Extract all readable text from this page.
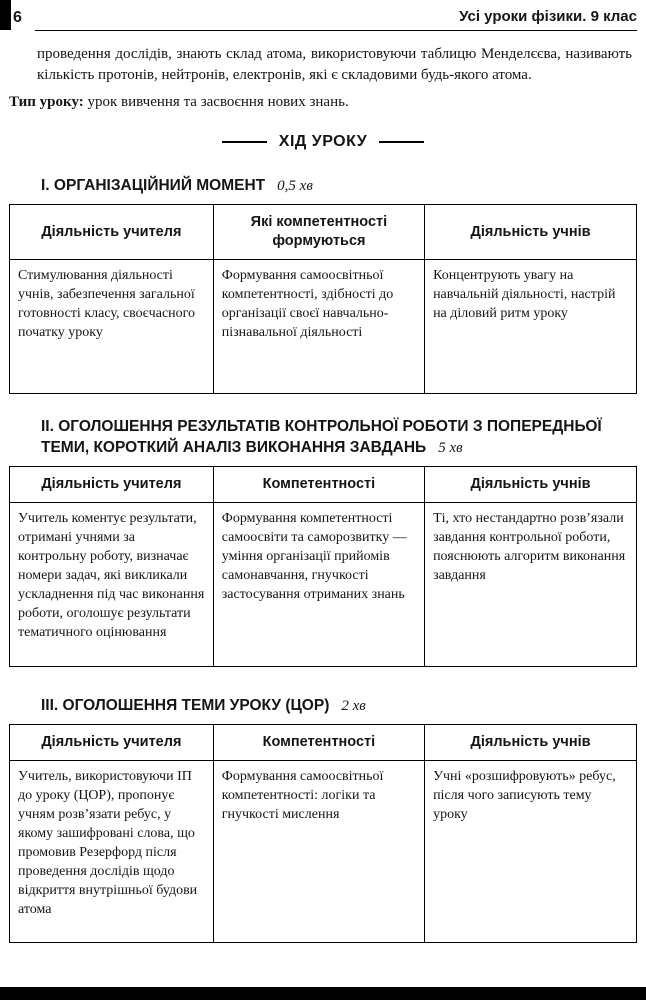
6	Усі уроки фізики. 9 клас

проведення дослідів, знають склад атома, використовуючи таблицю Менделєєва, називають кількість протонів, нейтронів, електронів, які є складовими будь-якого атома.

Тип уроку: урок вивчення та засвоєння нових знань.

ХІД УРОКУ
І. ОРГАНІЗАЦІЙНИЙ МОМЕНТ 0,5 хв
Діяльність учителя	Які компетентності формуються	Діяльність учнів
Стимулювання діяльності учнів, забезпечення загальної готовності класу, своєчасного початку уроку	Формування самоосвітньої компетентності, здібності до організації своєї навчально-пізнавальної діяльності	Концентрують увагу на навчальній діяльності, настрій на діловий ритм уроку
ІІ. ОГОЛОШЕННЯ РЕЗУЛЬТАТІВ КОНТРОЛЬНОЇ РОБОТИ З ПОПЕРЕДНЬОЇ ТЕМИ, КОРОТКИЙ АНАЛІЗ ВИКОНАННЯ ЗАВДАНЬ 5 хв
Діяльність учителя	Компетентності	Діяльність учнів
Учитель коментує результати, отримані учнями за контрольну роботу, визначає номери задач, які викликали ускладнення під час виконання роботи, оголошує результати тематичного оцінювання	Формування компетентності самоосвіти та саморозвитку — уміння організації прийомів самонавчання, гнучкості застосування отриманих знань	Ті, хто нестандартно розв’язали завдання контрольної роботи, пояснюють алгоритм виконання завдання
ІІІ. ОГОЛОШЕННЯ ТЕМИ УРОКУ (ЦОР) 2 хв
Діяльність учителя	Компетентності	Діяльність учнів
Учитель, використовуючи ІП до уроку (ЦОР), пропонує учням розв’язати ребус, у якому зашифровані слова, що промовив Резерфорд після проведення дослідів щодо відкриття внутрішньої будови атома	Формування самоосвітньої компетентності: логіки та гнучкості мислення	Учні «розшифровують» ребус, після чого записують тему уроку
